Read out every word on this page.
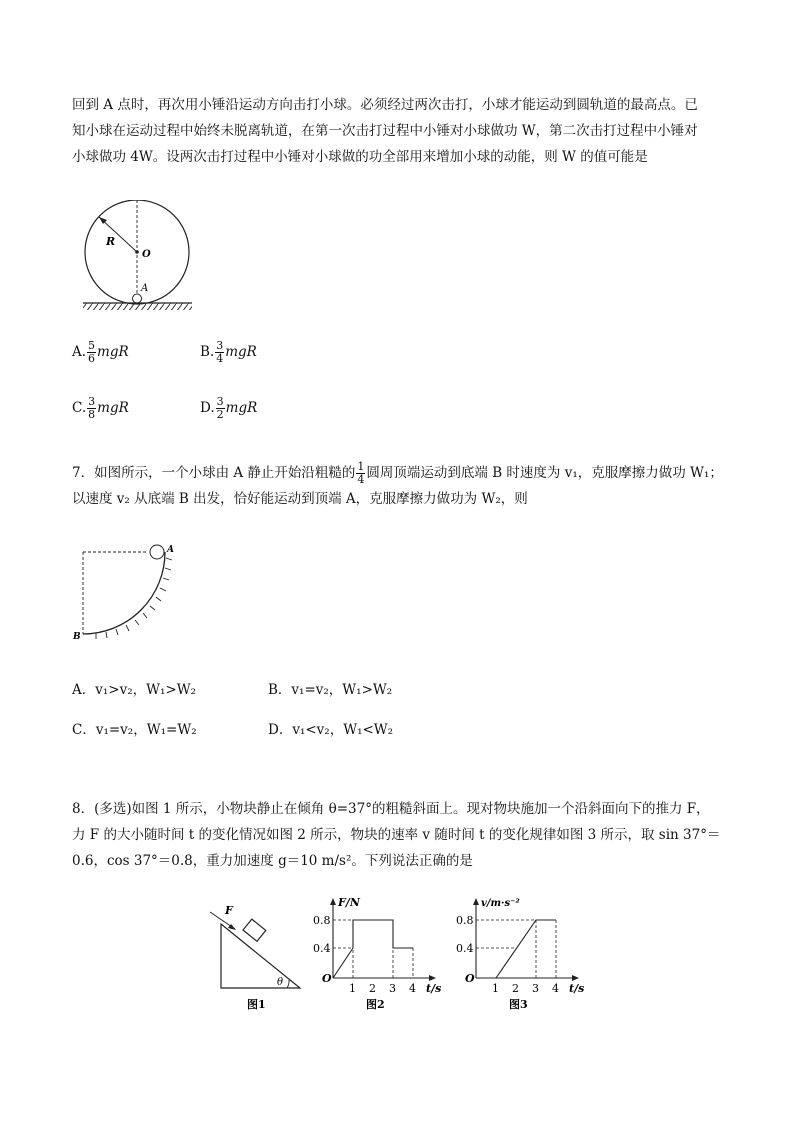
回到 A 点时，再次用小锤沿运动方向击打小球。必须经过两次击打，小球才能运动到圆轨道的最高点。已
知小球在运动过程中始终未脱离轨道，在第一次击打过程中小锤对小球做功 W，第二次击打过程中小锤对
小球做功 4W。设两次击打过程中小锤对小球做的功全部用来增加小球的动能，则 W 的值可能是
R
O
A
A. $\frac{5}{6}$ mgR	B. $\frac{3}{4}$ mgR
C. $\frac{3}{8}$ mgR	D. $\frac{3}{2}$ mgR
7．如图所示，一个小球由 A 静止开始沿粗糙的 $\frac{1}{4}$ 圆周顶端运动到底端 B 时速度为 v₁，克服摩擦力做功 W₁；
以速度 v₂ 从底端 B 出发，恰好能运动到顶端 A，克服摩擦力做功为 W₂，则
A
B
A．v₁>v₂，W₁>W₂	B．v₁=v₂，W₁>W₂
C．v₁=v₂，W₁=W₂	D．v₁<v₂，W₁<W₂
8．(多选)如图 1 所示，小物块静止在倾角 θ=37°的粗糙斜面上。现对物块施加一个沿斜面向下的推力 F，
力 F 的大小随时间 t 的变化情况如图 2 所示，物块的速率 v 随时间 t 的变化规律如图 3 所示，取 sin 37°＝
0.6，cos 37°＝0.8，重力加速度 g＝10 m/s²。下列说法正确的是
F
θ
图1
F/N
0.8
0.4
O
1 2 3 4 t/s
图2
v/m·s⁻²
0.8
0.4
O
1 2 3 4 t/s
图3
